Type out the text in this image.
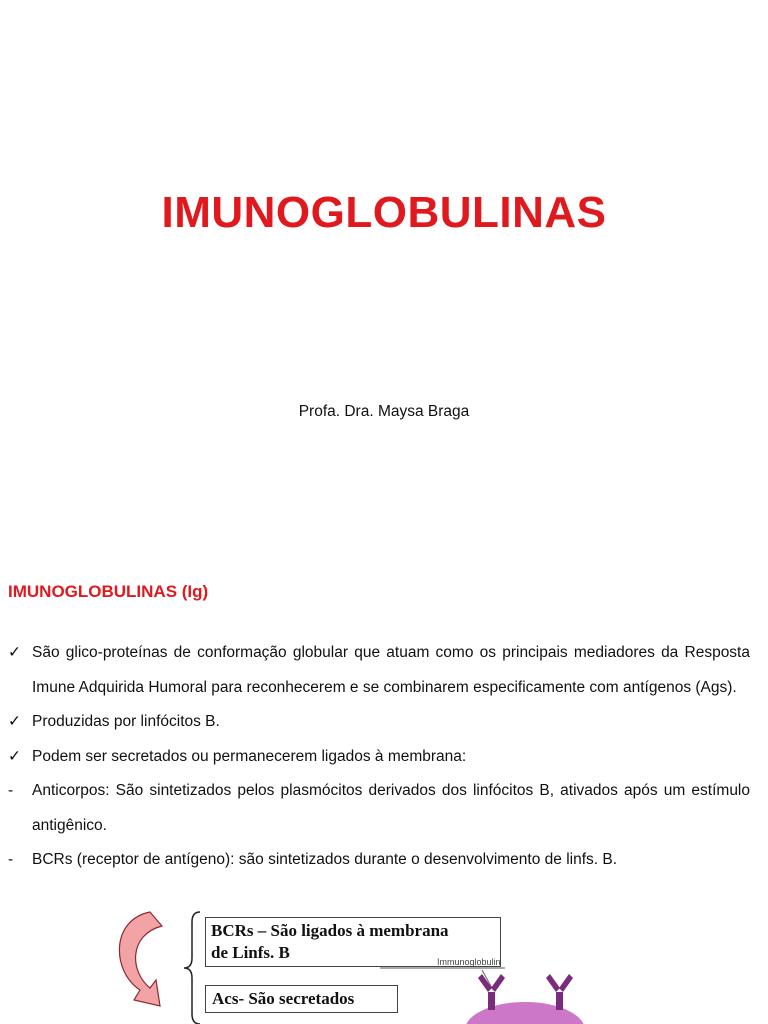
IMUNOGLOBULINAS
Profa. Dra. Maysa Braga
IMUNOGLOBULINAS (Ig)
✓ São glico-proteínas de conformação globular que atuam como os principais mediadores da Resposta Imune Adquirida Humoral para reconhecerem e se combinarem especificamente com antígenos (Ags).
✓ Produzidas por linfócitos B.
✓ Podem ser secretados ou permanecerem ligados à membrana:
-	Anticorpos: São sintetizados pelos plasmócitos derivados dos linfócitos B, ativados após um estímulo antigênico.
-	BCRs (receptor de antígeno): são sintetizados durante o desenvolvimento de linfs. B.
BCRs – São ligados à membrana
de Linfs. B
Acs- São secretados
Immunoglobulin
